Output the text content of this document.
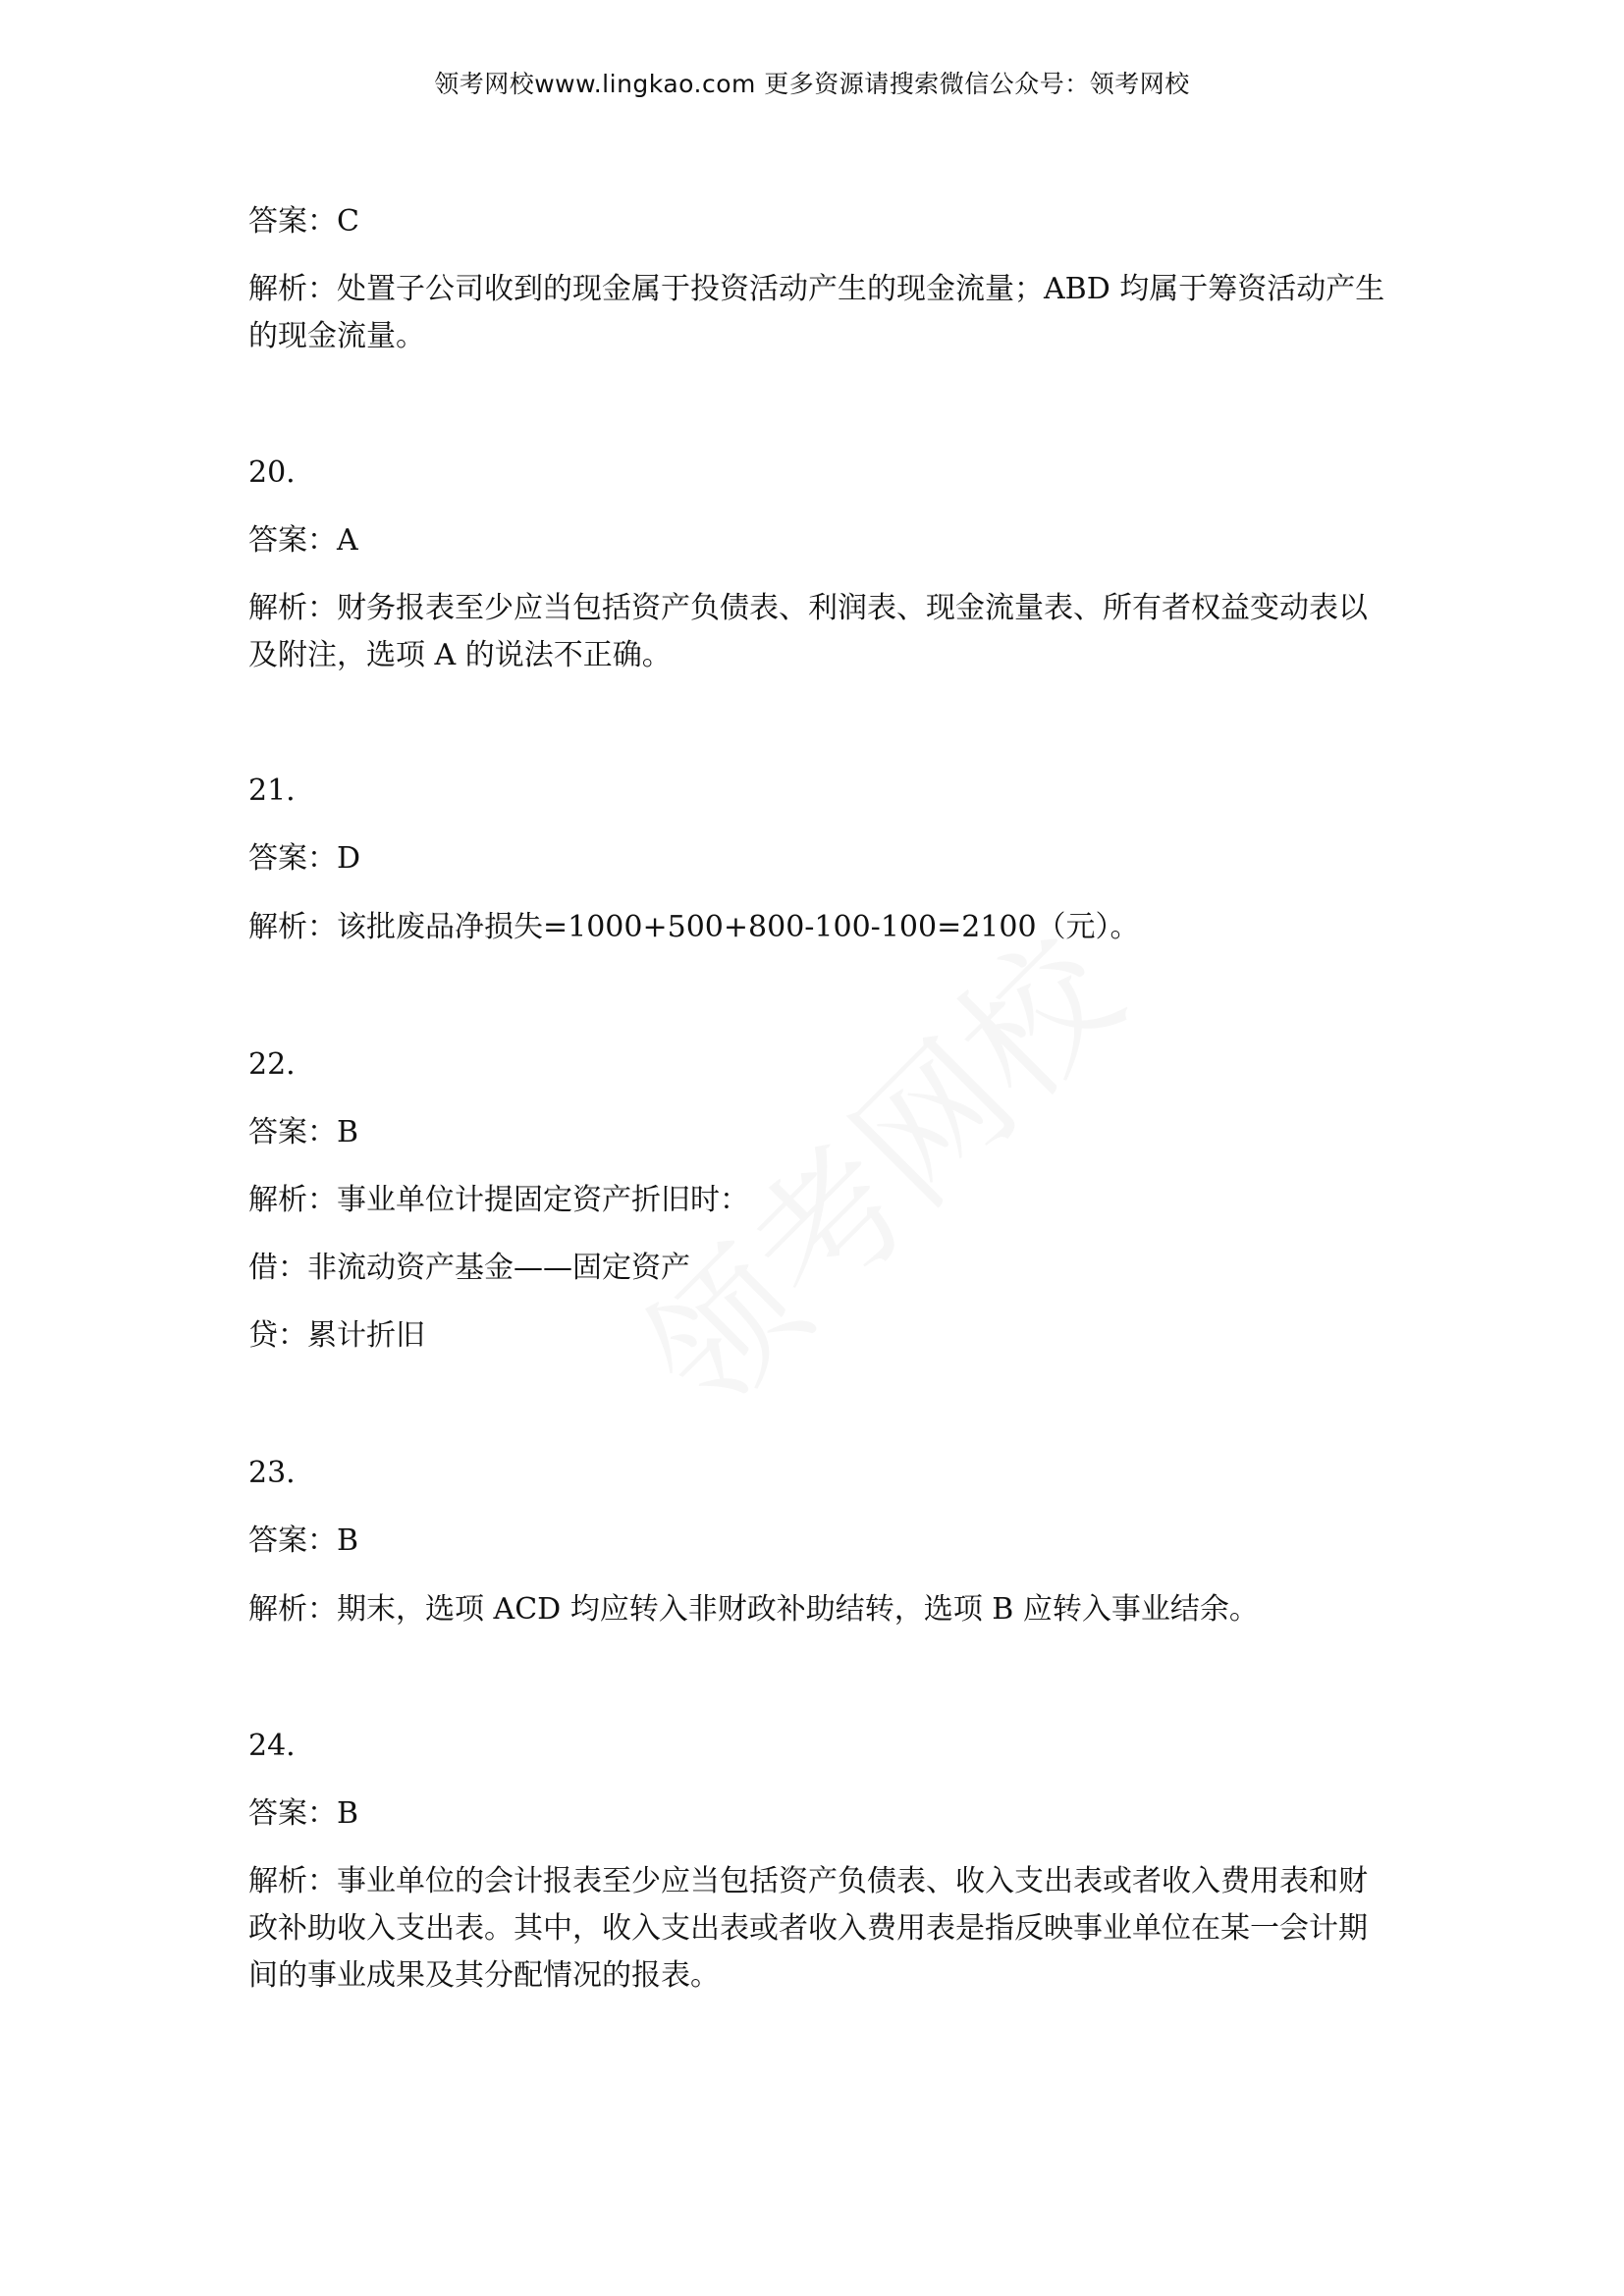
领考网校www.lingkao.com 更多资源请搜索微信公众号：领考网校
答案：C
解析：处置子公司收到的现金属于投资活动产生的现金流量；ABD 均属于筹资活动产生的现金流量。
20.
答案：A
解析：财务报表至少应当包括资产负债表、利润表、现金流量表、所有者权益变动表以及附注，选项 A 的说法不正确。
21.
答案：D
解析：该批废品净损失=1000+500+800-100-100=2100（元）。
22.
答案：B
解析：事业单位计提固定资产折旧时：
借：非流动资产基金——固定资产
贷：累计折旧
23.
答案：B
解析：期末，选项 ACD 均应转入非财政补助结转，选项 B 应转入事业结余。
24.
答案：B
解析：事业单位的会计报表至少应当包括资产负债表、收入支出表或者收入费用表和财政补助收入支出表。其中，收入支出表或者收入费用表是指反映事业单位在某一会计期间的事业成果及其分配情况的报表。
